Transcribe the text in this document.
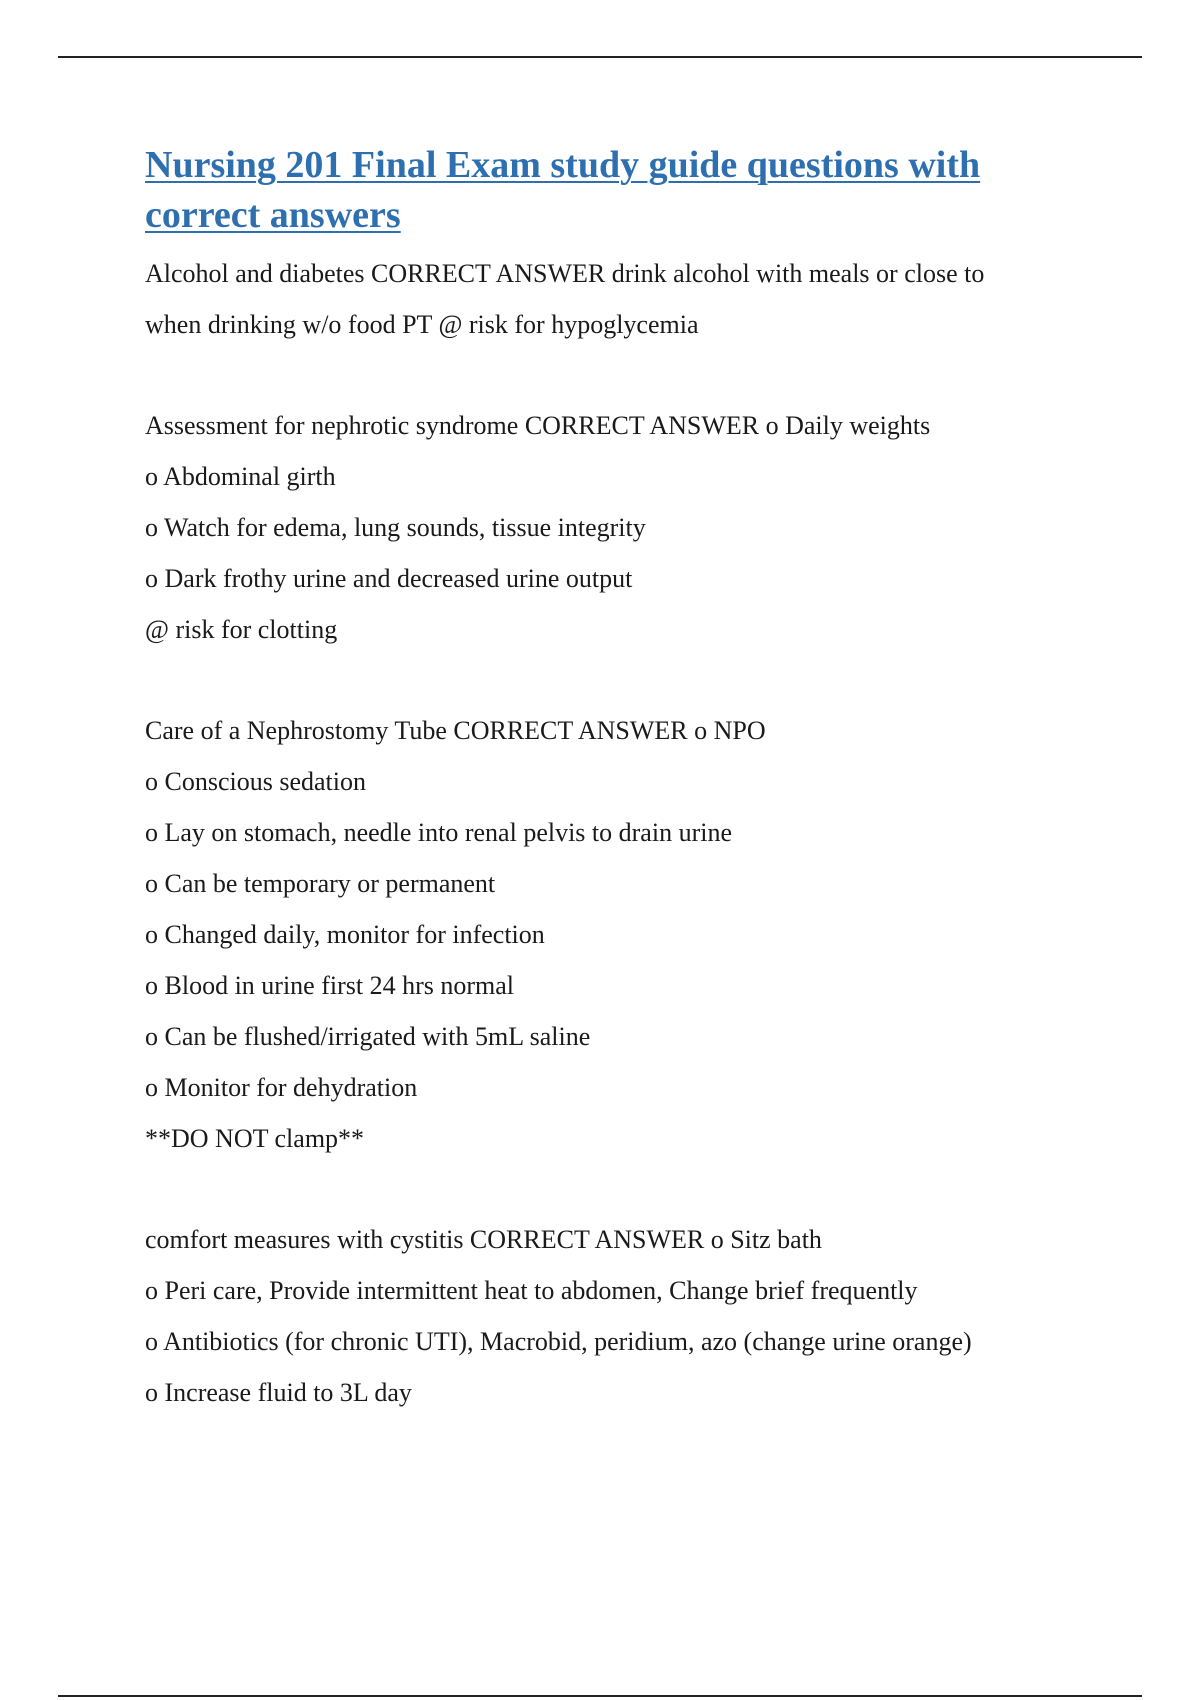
Nursing 201 Final Exam study guide questions with correct answers

Alcohol and diabetes CORRECT ANSWER drink alcohol with meals or close to

when drinking w/o food PT @ risk for hypoglycemia

Assessment for nephrotic syndrome CORRECT ANSWER o Daily weights

o Abdominal girth

o Watch for edema, lung sounds, tissue integrity

o Dark frothy urine and decreased urine output

@ risk for clotting

Care of a Nephrostomy Tube CORRECT ANSWER o NPO

o Conscious sedation

o Lay on stomach, needle into renal pelvis to drain urine

o Can be temporary or permanent

o Changed daily, monitor for infection

o Blood in urine first 24 hrs normal

o Can be flushed/irrigated with 5mL saline

o Monitor for dehydration

**DO NOT clamp**

comfort measures with cystitis CORRECT ANSWER o Sitz bath

o Peri care, Provide intermittent heat to abdomen, Change brief frequently

o Antibiotics (for chronic UTI), Macrobid, peridium, azo (change urine orange)

o Increase fluid to 3L day
